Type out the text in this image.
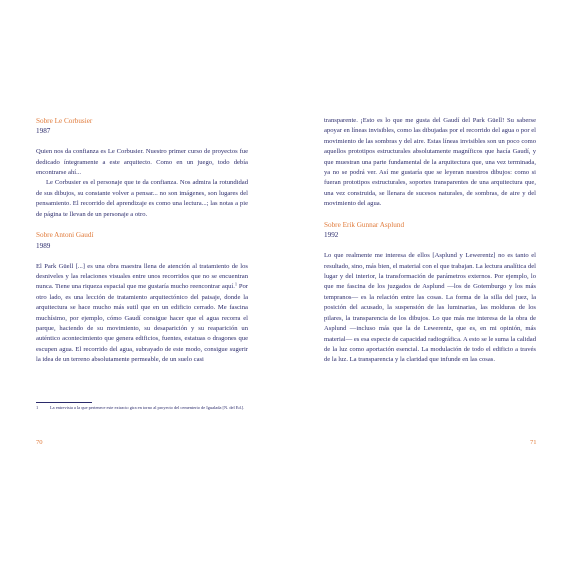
Sobre Le Corbusier
1987

Quien nos da confianza es Le Corbusier. Nuestro primer curso de proyectos fue dedicado íntegramente a este arquitecto. Como en un juego, todo debía encontrarse ahí...

Le Corbusier es el personaje que te da confianza. Nos admira la rotundidad de sus dibujos, su constante volver a pensar... no son imágenes, son lugares del pensamiento. El recorrido del aprendizaje es como una lectura...; las notas a pie de página te llevan de un personaje a otro.

Sobre Antoni Gaudí
1989

El Park Güell [...] es una obra maestra llena de atención al tratamiento de los desniveles y las relaciones visuales entre unos recorridos que no se encuentran nunca. Tiene una riqueza espacial que me gustaría mucho reencontrar aquí.$^1$ Por otro lado, es una lección de tratamiento arquitectónico del paisaje, donde la arquitectura se hace mucho más sutil que en un edificio cerrado. Me fascina muchísimo, por ejemplo, cómo Gaudí consigue hacer que el agua recorra el parque, haciendo de su movimiento, su desaparición y su reaparición un auténtico acontecimiento que genera edificios, fuentes, estatuas o dragones que escupen agua. El recorrido del agua, subrayado de este modo, consigue sugerir la idea de un terreno absolutamente permeable, de un suelo casi

1	La entrevista a la que pertenece este extracto gira en torno al proyecto del cementerio de Igualada [N. del Ed.].
70

transparente. ¡Esto es lo que me gusta del Gaudí del Park Güell! Su saberse apoyar en líneas invisibles, como las dibujadas por el recorrido del agua o por el movimiento de las sombras y del aire. Estas líneas invisibles son un poco como aquellos prototipos estructurales absolutamente magníficos que hacía Gaudí, y que muestran una parte fundamental de la arquitectura que, una vez terminada, ya no se podrá ver. Así me gustaría que se leyeran nuestros dibujos: como si fueran prototipos estructurales, soportes transparentes de una arquitectura que, una vez construida, se llenara de sucesos naturales, de sombras, de aire y del movimiento del agua.

Sobre Erik Gunnar Asplund
1992

Lo que realmente me interesa de ellos [Asplund y Lewerentz] no es tanto el resultado, sino, más bien, el material con el que trabajan. La lectura analítica del lugar y del interior, la transformación de parámetros externos. Por ejemplo, lo que me fascina de los juzgados de Asplund —los de Gotemburgo y los más tempranos— es la relación entre las cosas. La forma de la silla del juez, la posición del acusado, la suspensión de las luminarias, las molduras de los pilares, la transparencia de los dibujos. Lo que más me interesa de la obra de Asplund —incluso más que la de Lewerentz, que es, en mi opinión, más material— es esa especie de capacidad radiográfica. A esto se le suma la calidad de la luz como aportación esencial. La modulación de todo el edificio a través de la luz. La transparencia y la claridad que infunde en las cosas.

71
